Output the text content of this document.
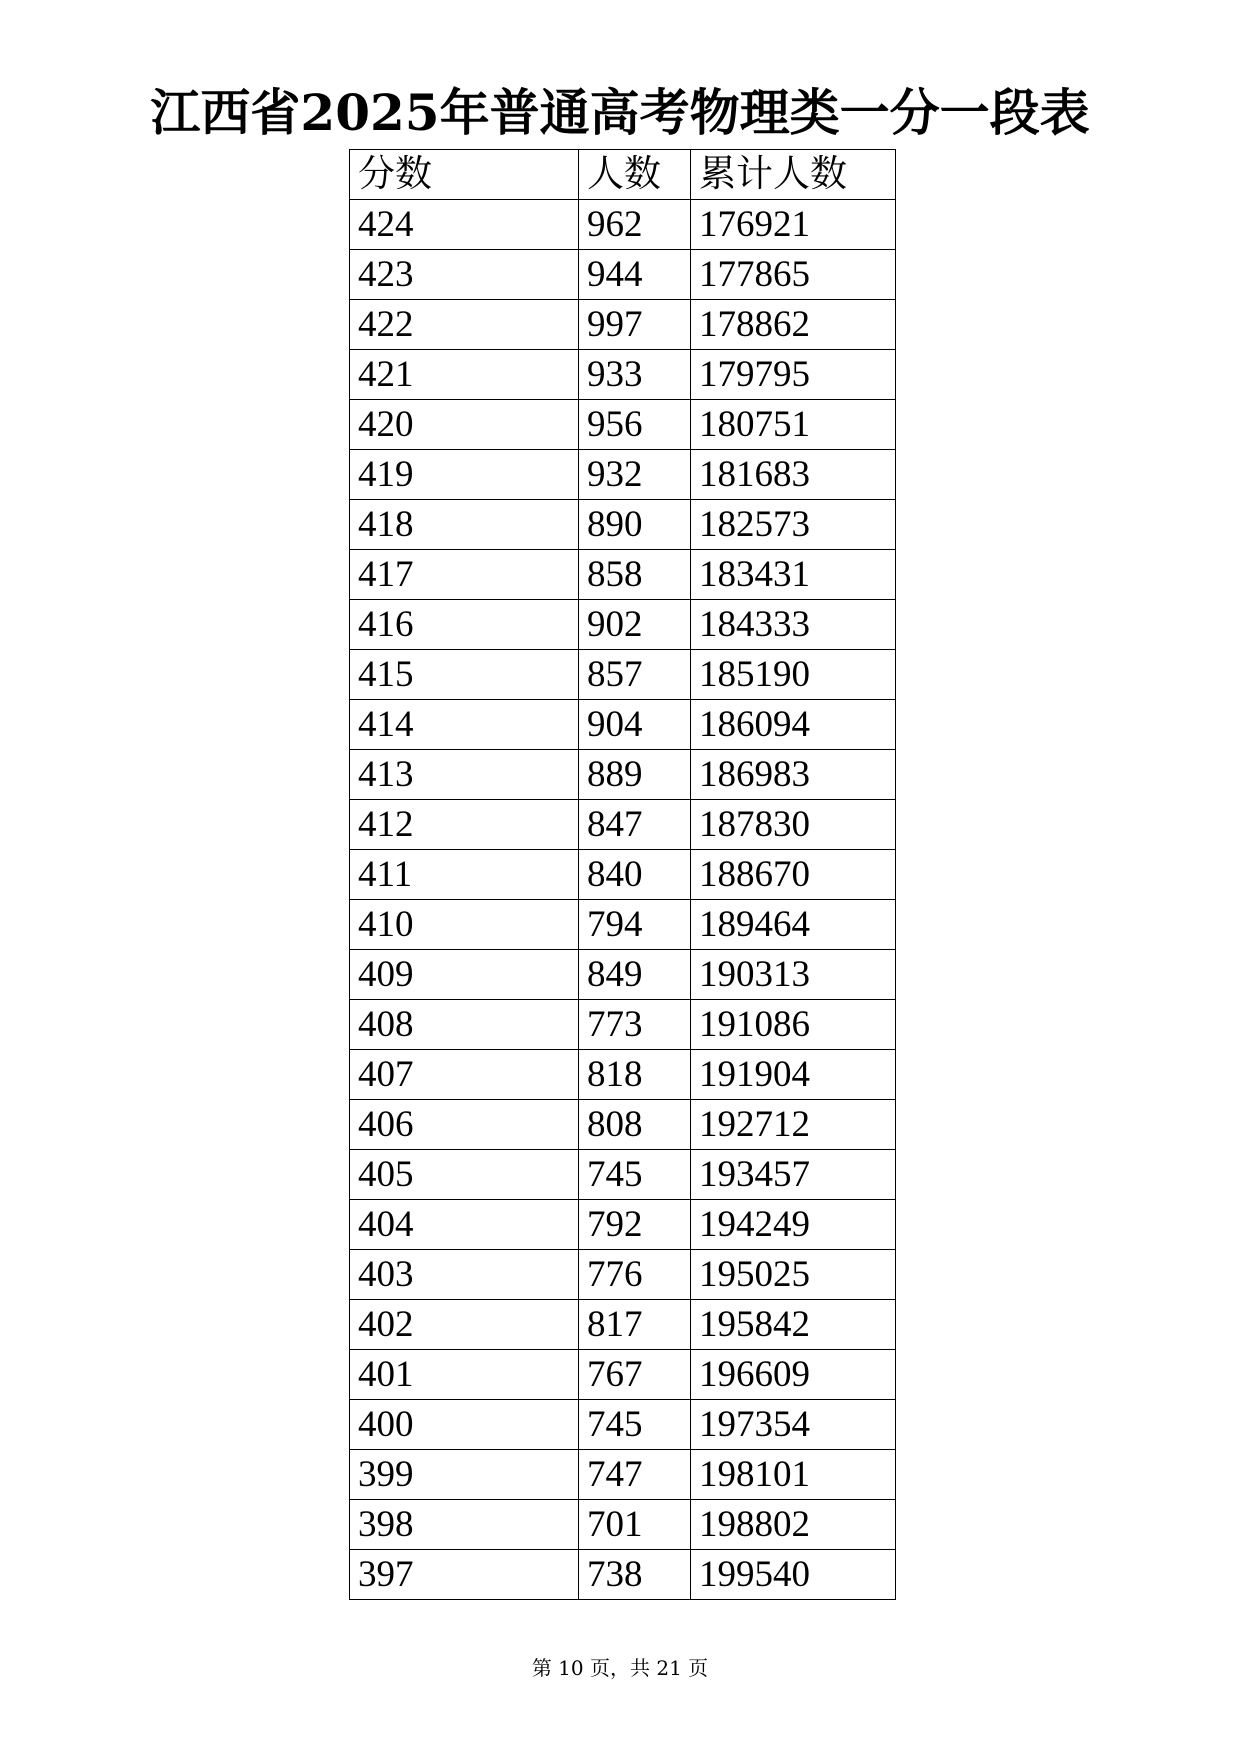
江西省2025年普通高考物理类一分一段表
分数	人数	累计人数
424	962	176921
423	944	177865
422	997	178862
421	933	179795
420	956	180751
419	932	181683
418	890	182573
417	858	183431
416	902	184333
415	857	185190
414	904	186094
413	889	186983
412	847	187830
411	840	188670
410	794	189464
409	849	190313
408	773	191086
407	818	191904
406	808	192712
405	745	193457
404	792	194249
403	776	195025
402	817	195842
401	767	196609
400	745	197354
399	747	198101
398	701	198802
397	738	199540
第 10 页，共 21 页
